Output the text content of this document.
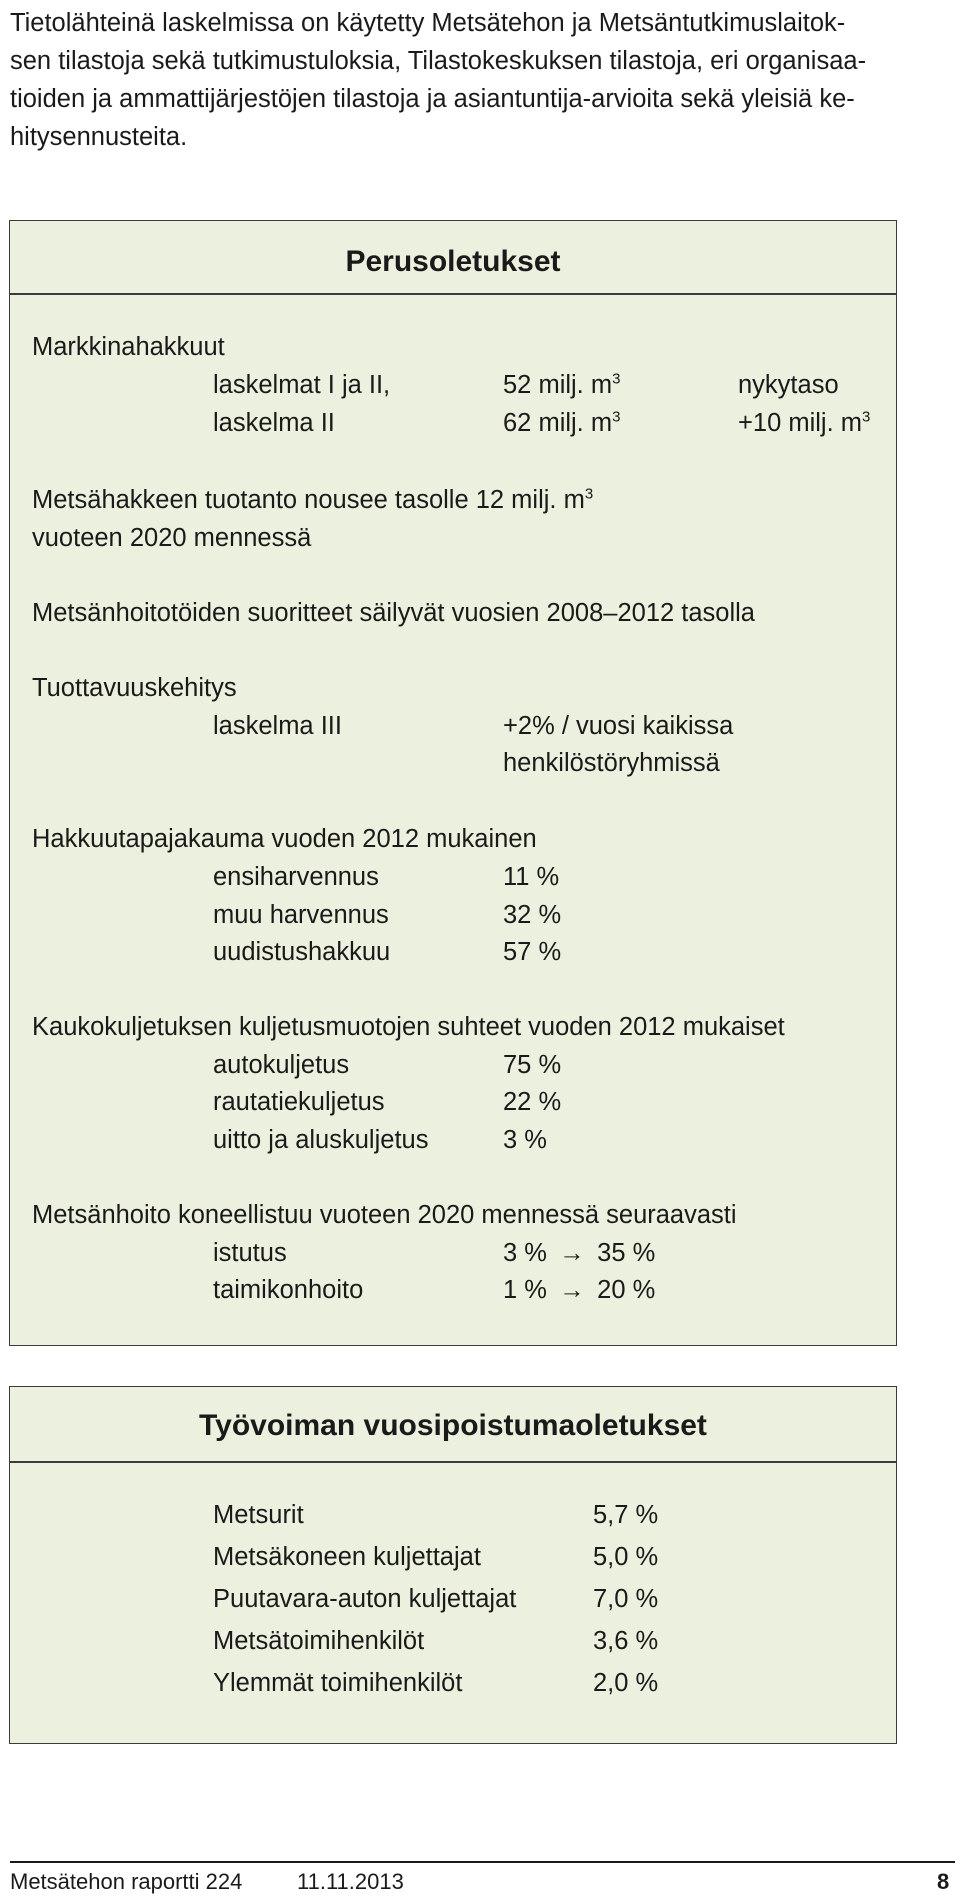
Tietolähteinä laskelmissa on käytetty Metsätehon ja Metsäntutkimuslaitok-
sen tilastoja sekä tutkimustuloksia, Tilastokeskuksen tilastoja, eri organisaa-
tioiden ja ammattijärjestöjen tilastoja ja asiantuntija-arvioita sekä yleisiä ke-
hitysennusteita.
Perusoletukset
Markkinahakkuut
laskelmat I ja II,	52 milj. $m^3$	nykytaso
laskelma II	62 milj. $m^3$	+10 milj. $m^3$
Metsähakkeen tuotanto nousee tasolle 12 milj. $m^3$
vuoteen 2020 mennessä
Metsänhoitotöiden suoritteet säilyvät vuosien 2008–2012 tasolla
Tuottavuuskehitys
laskelma III	+2% / vuosi kaikissa
henkilöstöryhmissä
Hakkuutapajakauma vuoden 2012 mukainen
ensiharvennus	11 %
muu harvennus	32 %
uudistushakkuu	57 %
Kaukokuljetuksen kuljetusmuotojen suhteet vuoden 2012 mukaiset
autokuljetus	75 %
rautatiekuljetus	22 %
uitto ja aluskuljetus	3 %
Metsänhoito koneellistuu vuoteen 2020 mennessä seuraavasti
istutus	3 % → 35 %
taimikonhoito	1 % → 20 %
Työvoiman vuosipoistumaoletukset
Metsurit	5,7 %
Metsäkoneen kuljettajat	5,0 %
Puutavara-auton kuljettajat	7,0 %
Metsätoimihenkilöt	3,6 %
Ylemmät toimihenkilöt	2,0 %
Metsätehon raportti 224 11.11.2013	8
